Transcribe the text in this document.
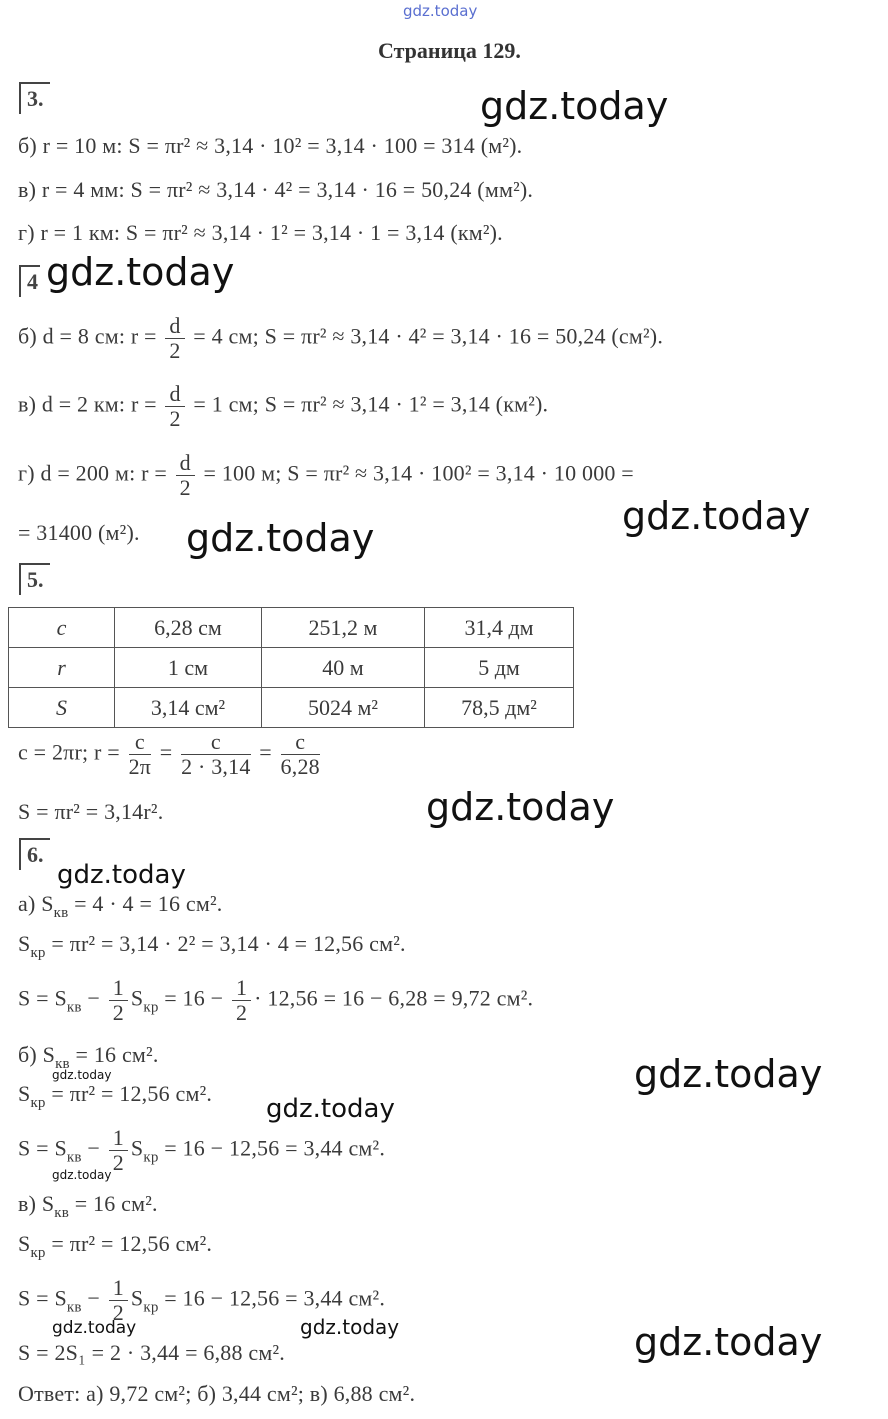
gdz.today
Страница 129.
3.	gdz.today
б) r = 10 м: S = πr² ≈ 3,14 · 10² = 3,14 · 100 = 314 (м²).
в) r = 4 мм: S = πr² ≈ 3,14 · 4² = 3,14 · 16 = 50,24 (мм²).
г) r = 1 км: S = πr² ≈ 3,14 · 1² = 3,14 · 1 = 3,14 (км²).
4 gdz.today
б) d = 8 см: $r = \frac{d}{2} = 4$ см; S = πr² ≈ 3,14 · 4² = 3,14 · 16 = 50,24 (см²).
в) d = 2 км: $r = \frac{d}{2} = 1$ см; S = πr² ≈ 3,14 · 1² = 3,14 (км²).
г) d = 200 м: $r = \frac{d}{2} = 100$ м; S = πr² ≈ 3,14 · 100² = 3,14 · 10 000 =
gdz.today
= 31400 (м²). gdz.today
5.
c	6,28 см	251,2 м	31,4 дм
r	1 см	40 м	5 дм
S	3,14 см²	5024 м²	78,5 дм²
c = 2πr; $r = \frac{c}{2\pi} = \frac{c}{2 \cdot 3,14} = \frac{c}{6,28}$
S = πr² = 3,14r².	gdz.today
6.
gdz.today
а) $S_{кв} = 4 \cdot 4 = 16$ см².
$S_{кр} = \pi r^2 = 3,14 \cdot 2^2 = 3,14 \cdot 4 = 12,56$ см².
$S = S_{кв} - \frac{1}{2} S_{кр} = 16 - \frac{1}{2} \cdot 12,56 = 16 - 6,28 = 9,72$ см².
б) $S_{кв} = 16$ см².
gdz.today	gdz.today
$S_{кр} = \pi r^2 = 12,56$ см².
gdz.today
$S = S_{кв} - \frac{1}{2} S_{кр} = 16 - 12,56 = 3,44$ см².
gdz.today
в) $S_{кв} = 16$ см².
$S_{кр} = \pi r^2 = 12,56$ см².
$S = S_{кв} - \frac{1}{2} S_{кр} = 16 - 12,56 = 3,44$ см².
gdz.today	gdz.today	gdz.today
S = 2S₁ = 2 · 3,44 = 6,88 см².
Ответ: а) 9,72 см²; б) 3,44 см²; в) 6,88 см².
